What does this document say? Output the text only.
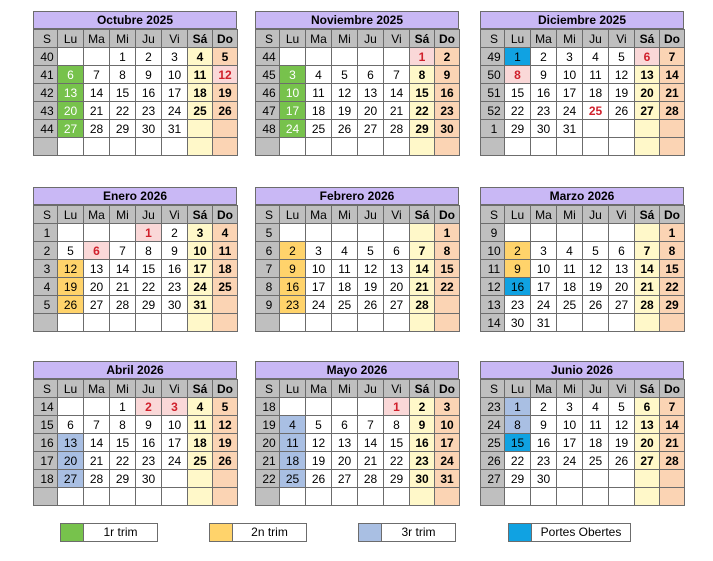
Octubre 2025
S	Lu	Ma	Mi	Ju	Vi	Sá	Do
40			1	2	3	4	5
41	6	7	8	9	10	11	12
42	13	14	15	16	17	18	19
43	20	21	22	23	24	25	26
44	27	28	29	30	31		

Noviembre 2025
S	Lu	Ma	Mi	Ju	Vi	Sá	Do
44						1	2
45	3	4	5	6	7	8	9
46	10	11	12	13	14	15	16
47	17	18	19	20	21	22	23
48	24	25	26	27	28	29	30

Diciembre 2025
S	Lu	Ma	Mi	Ju	Vi	Sá	Do
49	1	2	3	4	5	6	7
50	8	9	10	11	12	13	14
51	15	16	17	18	19	20	21
52	22	23	24	25	26	27	28
1	29	30	31				

Enero 2026
S	Lu	Ma	Mi	Ju	Vi	Sá	Do
1				1	2	3	4
2	5	6	7	8	9	10	11
3	12	13	14	15	16	17	18
4	19	20	21	22	23	24	25
5	26	27	28	29	30	31	

Febrero 2026
S	Lu	Ma	Mi	Ju	Vi	Sá	Do
5							1
6	2	3	4	5	6	7	8
7	9	10	11	12	13	14	15
8	16	17	18	19	20	21	22
9	23	24	25	26	27	28	

Marzo 2026
S	Lu	Ma	Mi	Ju	Vi	Sá	Do
9							1
10	2	3	4	5	6	7	8
11	9	10	11	12	13	14	15
12	16	17	18	19	20	21	22
13	23	24	25	26	27	28	29
14	30	31					
Abril 2026
S	Lu	Ma	Mi	Ju	Vi	Sá	Do
14			1	2	3	4	5
15	6	7	8	9	10	11	12
16	13	14	15	16	17	18	19
17	20	21	22	23	24	25	26
18	27	28	29	30			

Mayo 2026
S	Lu	Ma	Mi	Ju	Vi	Sá	Do
18					1	2	3
19	4	5	6	7	8	9	10
20	11	12	13	14	15	16	17
21	18	19	20	21	22	23	24
22	25	26	27	28	29	30	31

Junio 2026
S	Lu	Ma	Mi	Ju	Vi	Sá	Do
23	1	2	3	4	5	6	7
24	8	9	10	11	12	13	14
25	15	16	17	18	19	20	21
26	22	23	24	25	26	27	28
27	29	30					

1r trim	2n trim	3r trim	Portes Obertes
